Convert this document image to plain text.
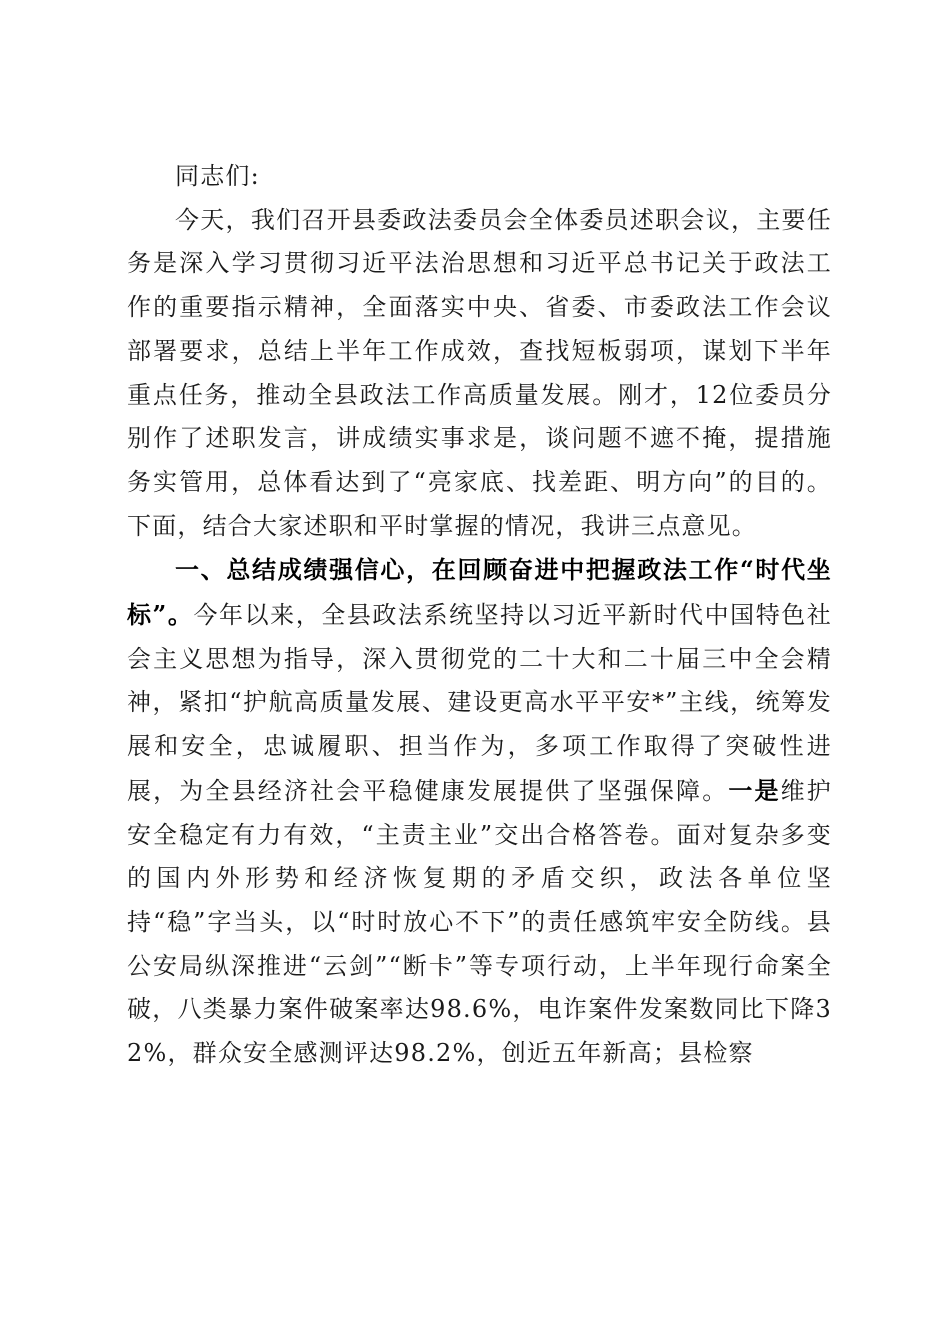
同志们:

今天，我们召开县委政法委员会全体委员述职会议，主要任务是深入学习贯彻习近平法治思想和习近平总书记关于政法工作的重要指示精神，全面落实中央、省委、市委政法工作会议部署要求，总结上半年工作成效，查找短板弱项，谋划下半年重点任务，推动全县政法工作高质量发展。刚才，12位委员分别作了述职发言，讲成绩实事求是，谈问题不遮不掩，提措施务实管用，总体看达到了“亮家底、找差距、明方向”的目的。下面，结合大家述职和平时掌握的情况，我讲三点意见。

一、总结成绩强信心，在回顾奋进中把握政法工作“时代坐标”。今年以来，全县政法系统坚持以习近平新时代中国特色社会主义思想为指导，深入贯彻党的二十大和二十届三中全会精神，紧扣“护航高质量发展、建设更高水平平安*”主线，统筹发展和安全，忠诚履职、担当作为，多项工作取得了突破性进展，为全县经济社会平稳健康发展提供了坚强保障。一是维护安全稳定有力有效，“主责主业”交出合格答卷。面对复杂多变的国内外形势和经济恢复期的矛盾交织，政法各单位坚持“稳”字当头，以“时时放心不下”的责任感筑牢安全防线。县公安局纵深推进“云剑”“断卡”等专项行动，上半年现行命案全破，八类暴力案件破案率达98.6%，电诈案件发案数同比下降32%，群众安全感测评达98.2%，创近五年新高；县检察
